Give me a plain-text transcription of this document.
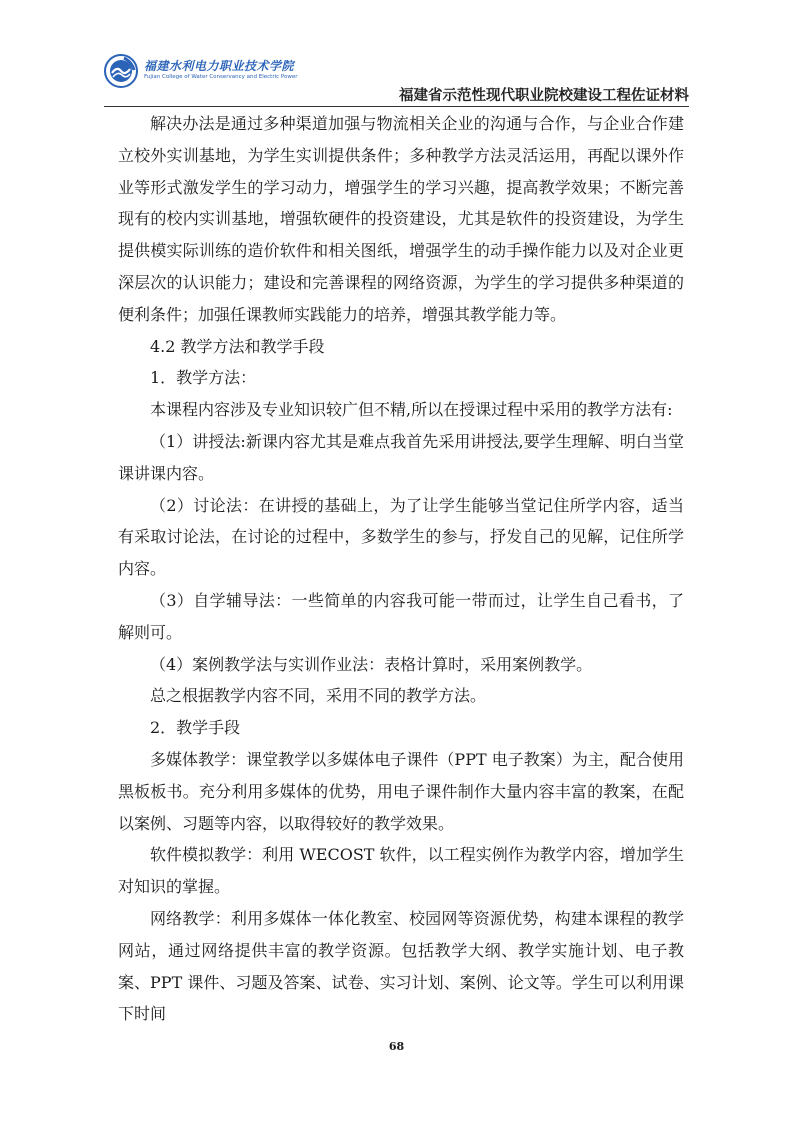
福建水利电力职业技术学院
Fujian College of Water Conservancy and Electric Power
福建省示范性现代职业院校建设工程佐证材料

解决办法是通过多种渠道加强与物流相关企业的沟通与合作，与企业合作建立校外实训基地，为学生实训提供条件；多种教学方法灵活运用，再配以课外作业等形式激发学生的学习动力，增强学生的学习兴趣，提高教学效果；不断完善现有的校内实训基地，增强软硬件的投资建设，尤其是软件的投资建设，为学生提供模实际训练的造价软件和相关图纸，增强学生的动手操作能力以及对企业更深层次的认识能力；建设和完善课程的网络资源，为学生的学习提供多种渠道的便利条件；加强任课教师实践能力的培养，增强其教学能力等。

4.2 教学方法和教学手段

1．教学方法：

本课程内容涉及专业知识较广但不精,所以在授课过程中采用的教学方法有:

（1）讲授法:新课内容尤其是难点我首先采用讲授法,要学生理解、明白当堂课讲课内容。

（2）讨论法：在讲授的基础上，为了让学生能够当堂记住所学内容，适当有采取讨论法，在讨论的过程中，多数学生的参与，抒发自己的见解，记住所学内容。

（3）自学辅导法：一些简单的内容我可能一带而过，让学生自己看书，了解则可。

（4）案例教学法与实训作业法：表格计算时，采用案例教学。

总之根据教学内容不同，采用不同的教学方法。

2．教学手段

多媒体教学：课堂教学以多媒体电子课件（PPT 电子教案）为主，配合使用黑板板书。充分利用多媒体的优势，用电子课件制作大量内容丰富的教案，在配以案例、习题等内容，以取得较好的教学效果。

软件模拟教学：利用 WECOST 软件，以工程实例作为教学内容，增加学生对知识的掌握。

网络教学：利用多媒体一体化教室、校园网等资源优势，构建本课程的教学网站，通过网络提供丰富的教学资源。包括教学大纲、教学实施计划、电子教案、PPT 课件、习题及答案、试卷、实习计划、案例、论文等。学生可以利用课下时间

68
